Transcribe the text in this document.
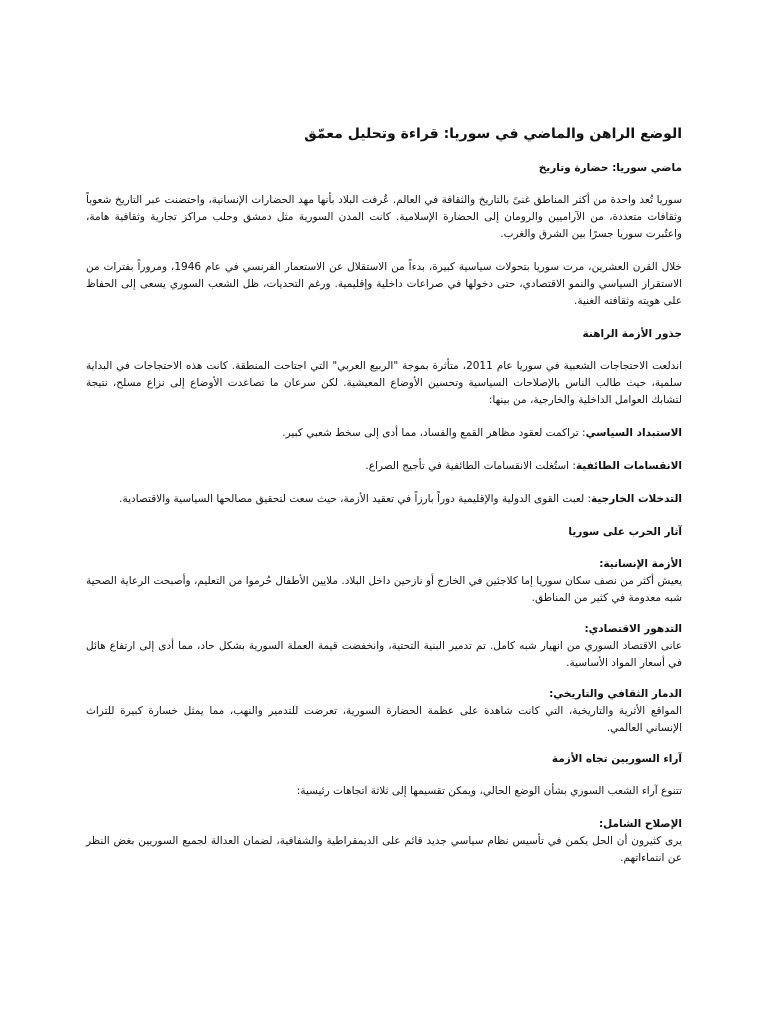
الوضع الراهن والماضي في سوريا: قراءة وتحليل معمّق
ماضي سوريا: حضارة وتاريخ
سوريا تُعد واحدة من أكثر المناطق غنىً بالتاريخ والثقافة في العالم. عُرفت البلاد بأنها مهد الحضارات الإنسانية، واحتضنت عبر التاريخ شعوباً وثقافات متعددة، من الآراميين والرومان إلى الحضارة الإسلامية. كانت المدن السورية مثل دمشق وحلب مراكز تجارية وثقافية هامة، واعتُبرت سوريا جسرًا بين الشرق والغرب.
خلال القرن العشرين، مرت سوريا بتحولات سياسية كبيرة، بدءاً من الاستقلال عن الاستعمار الفرنسي في عام 1946، ومروراً بفترات من الاستقرار السياسي والنمو الاقتصادي، حتى دخولها في صراعات داخلية وإقليمية. ورغم التحديات، ظل الشعب السوري يسعى إلى الحفاظ على هويته وثقافته الغنية.
جذور الأزمة الراهنة
اندلعت الاحتجاجات الشعبية في سوريا عام 2011، متأثرة بموجة "الربيع العربي" التي اجتاحت المنطقة. كانت هذه الاحتجاجات في البداية سلمية، حيث طالب الناس بالإصلاحات السياسية وتحسين الأوضاع المعيشية. لكن سرعان ما تصاعدت الأوضاع إلى نزاع مسلح، نتيجة لتشابك العوامل الداخلية والخارجية، من بينها:
الاستبداد السياسي: تراكمت لعقود مظاهر القمع والفساد، مما أدى إلى سخط شعبي كبير.
الانقسامات الطائفية: استُغلت الانقسامات الطائفية في تأجيج الصراع.
التدخلات الخارجية: لعبت القوى الدولية والإقليمية دوراً بارزاً في تعقيد الأزمة، حيث سعت لتحقيق مصالحها السياسية والاقتصادية.
آثار الحرب على سوريا
الأزمة الإنسانية:
يعيش أكثر من نصف سكان سوريا إما كلاجئين في الخارج أو نازحين داخل البلاد. ملايين الأطفال حُرموا من التعليم، وأصبحت الرعاية الصحية شبه معدومة في كثير من المناطق.
التدهور الاقتصادي:
عانى الاقتصاد السوري من انهيار شبه كامل. تم تدمير البنية التحتية، وانخفضت قيمة العملة السورية بشكل حاد، مما أدى إلى ارتفاع هائل في أسعار المواد الأساسية.
الدمار الثقافي والتاريخي:
المواقع الأثرية والتاريخية، التي كانت شاهدة على عظمة الحضارة السورية، تعرضت للتدمير والنهب، مما يمثل خسارة كبيرة للتراث الإنساني العالمي.
آراء السوريين تجاه الأزمة
تتنوع آراء الشعب السوري بشأن الوضع الحالي، ويمكن تقسيمها إلى ثلاثة اتجاهات رئيسية:
الإصلاح الشامل:
يرى كثيرون أن الحل يكمن في تأسيس نظام سياسي جديد قائم على الديمقراطية والشفافية، لضمان العدالة لجميع السوريين بغض النظر عن انتماءاتهم.
